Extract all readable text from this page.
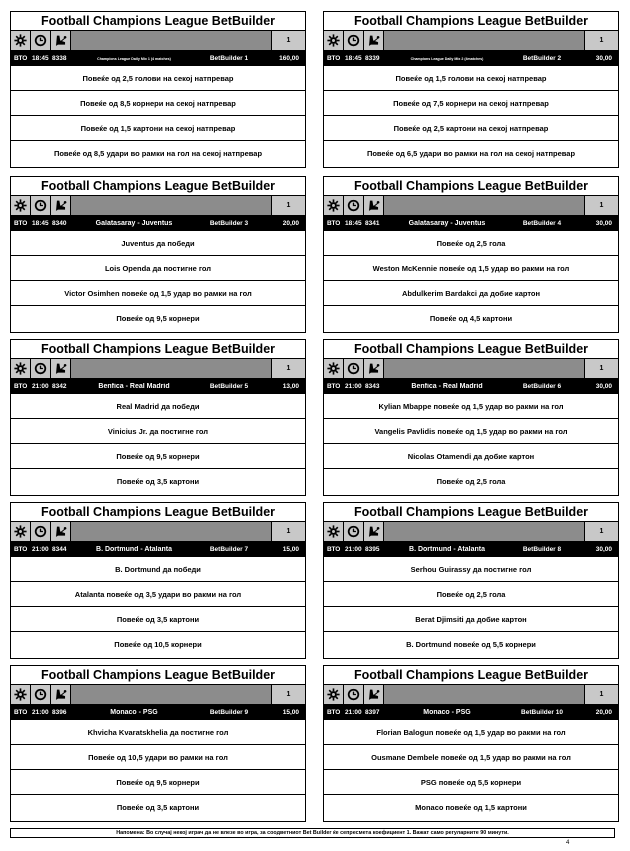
Football Champions League BetBuilder
1
ВТО 18:45 8338	Champions League Daily Mix 1 (4 matches)	BetBuilder 1	160,00
Повеќе од 2,5 голови на секој натпревар
Повеќе од 8,5 корнери на секој натпревар
Повеќе од 1,5 картони на секој натпревар
Повеќе од 8,5 удари во рамки на гол на секој натпревар
Football Champions League BetBuilder
1
ВТО 18:45 8339	Champions League Daily Mix 2 (4matches)	BetBuilder 2	30,00
Повеќе од 1,5 голови на секој натпревар
Повеќе од 7,5 корнери на секој натпревар
Повеќе од 2,5 картони на секој натпревар
Повеќе од 6,5 удари во рамки на гол на секој натпревар
Football Champions League BetBuilder
1
ВТО 18:45 8340	Galatasaray - Juventus	BetBuilder 3	20,00
Juventus да победи
Lois Openda да постигне гол
Victor Osimhen повеќе од 1,5 удар во рамки на гол
Повеќе од 9,5 корнери
Football Champions League BetBuilder
1
ВТО 18:45 8341	Galatasaray - Juventus	BetBuilder 4	30,00
Повеќе од 2,5 гола
Weston McKennie повеќе од 1,5 удар во ракми на гол
Abdulkerim Bardakci да добие картон
Повеќе од 4,5 картони
Football Champions League BetBuilder
1
ВТО 21:00 8342	Benfica - Real Madrid	BetBuilder 5	13,00
Real Madrid да победи
Vinicius Jr. да постигне гол
Повеќе од 9,5 корнери
Повеќе од 3,5 картони
Football Champions League BetBuilder
1
ВТО 21:00 8343	Benfica - Real Madrid	BetBuilder 6	30,00
Kylian Mbappe повеќе од 1,5 удар во ракми на гол
Vangelis Pavlidis повеќе од 1,5 удар во ракми на гол
Nicolas Otamendi да добие картон
Повеќе од 2,5 гола
Football Champions League BetBuilder
1
ВТО 21:00 8344	B. Dortmund - Atalanta	BetBuilder 7	15,00
B. Dortmund да победи
Atalanta повеќе од 3,5 удари во ракми на гол
Повеќе од 3,5 картони
Повеќе од 10,5 корнери
Football Champions League BetBuilder
1
ВТО 21:00 8395	B. Dortmund - Atalanta	BetBuilder 8	30,00
Serhou Guirassy да постигне гол
Повеќе од 2,5 гола
Berat Djimsiti да добие картон
B. Dortmund повеќе од 5,5 корнери
Football Champions League BetBuilder
1
ВТО 21:00 8396	Monaco - PSG	BetBuilder 9	15,00
Khvicha Kvaratskhelia да постигне гол
Повеќе од 10,5 удари во рамки на гол
Повеќе од 9,5 корнери
Повеќе од 3,5 картони
Football Champions League BetBuilder
1
ВТО 21:00 8397	Monaco - PSG	BetBuilder 10	20,00
Florian Balogun повеќе од 1,5 удар во ракми на гол
Ousmane Dembele повеќе од 1,5 удар во ракми на гол
PSG повеќе од 5,5 корнери
Monaco повеќе од 1,5 картони
Напомена: Во случај некој играч да не влезе во игра, за соодветниот Bet Builder ќе сепресмета коефициент 1. Важат само регуларните 90 минути.
4
